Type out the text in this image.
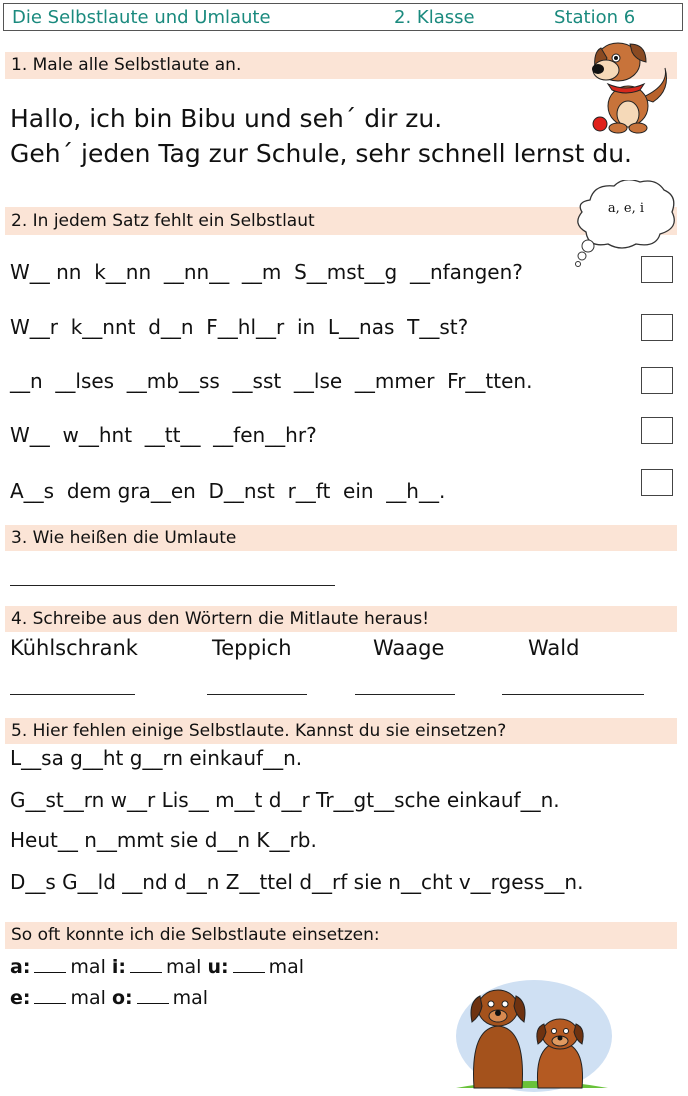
Die Selbstlaute und Umlaute	2. Klasse	Station 6
1. Male alle Selbstlaute an.
Hallo, ich bin Bibu und seh´ dir zu.
Geh´ jeden Tag zur Schule, sehr schnell lernst du.
2. In jedem Satz fehlt ein Selbstlaut
a, e, i
W__ nn  k__nn  __nn__  __m  S__mst__g  __nfangen?
W__r  k__nnt  d__n  F__hl__r  in  L__nas  T__st?
__n  __lses  __mb__ss  __sst  __lse  __mmer  Fr__tten.
W__  w__hnt  __tt__  __fen__hr?
A__s  dem gra__en  D__nst  r__ft  ein  __h__.
3. Wie heißen die Umlaute
4. Schreibe aus den Wörtern die Mitlaute heraus!
Kühlschrank	Teppich	Waage	Wald
5. Hier fehlen einige Selbstlaute. Kannst du sie einsetzen?
L__sa g__ht g__rn einkauf__n.
G__st__rn w__r Lis__ m__t d__r Tr__gt__sche einkauf__n.
Heut__ n__mmt sie d__n K__rb.
D__s G__ld __nd d__n Z__ttel d__rf sie n__cht v__rgess__n.
So oft konnte ich die Selbstlaute einsetzen:
a: mal i: mal u: mal
e: mal o: mal
